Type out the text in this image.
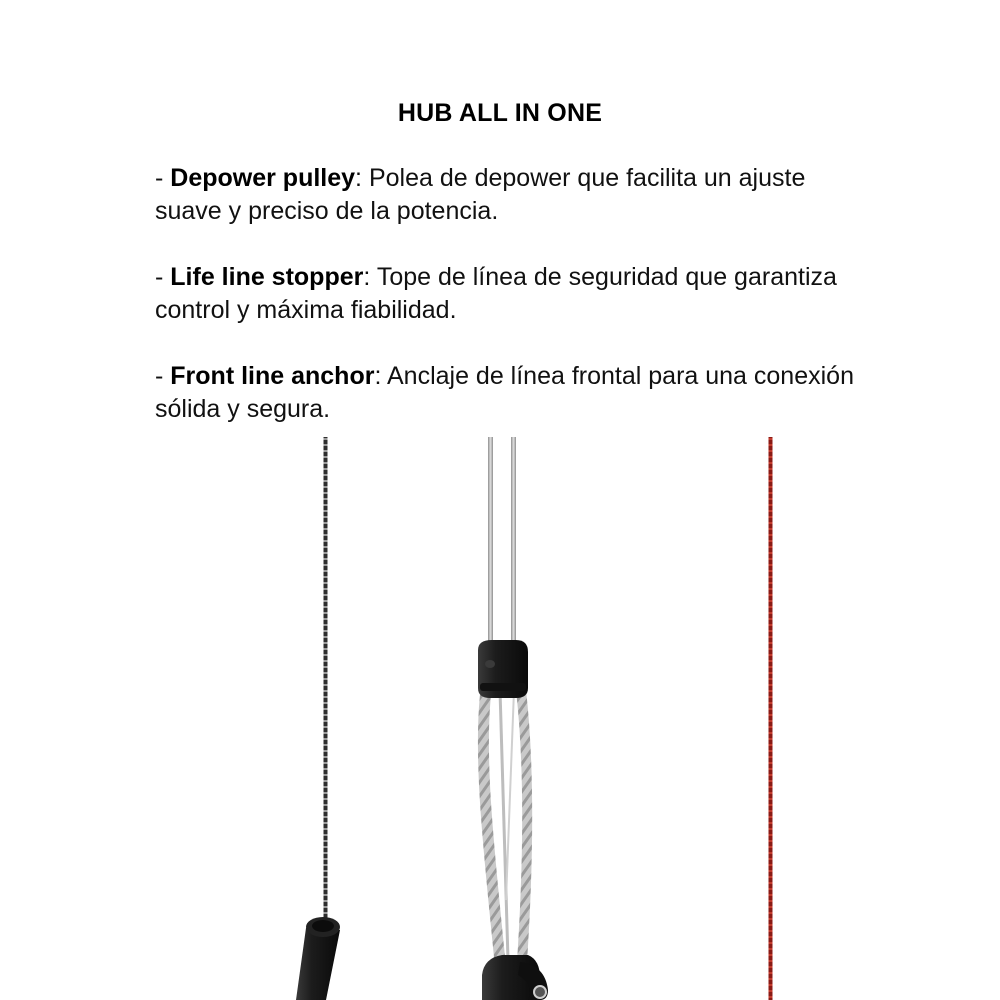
HUB ALL IN ONE
- Depower pulley: Polea de depower que facilita un ajuste suave y preciso de la potencia.
- Life line stopper: Tope de línea de seguridad que garantiza control y máxima fiabilidad.
- Front line anchor: Anclaje de línea frontal para una conexión sólida y segura.
